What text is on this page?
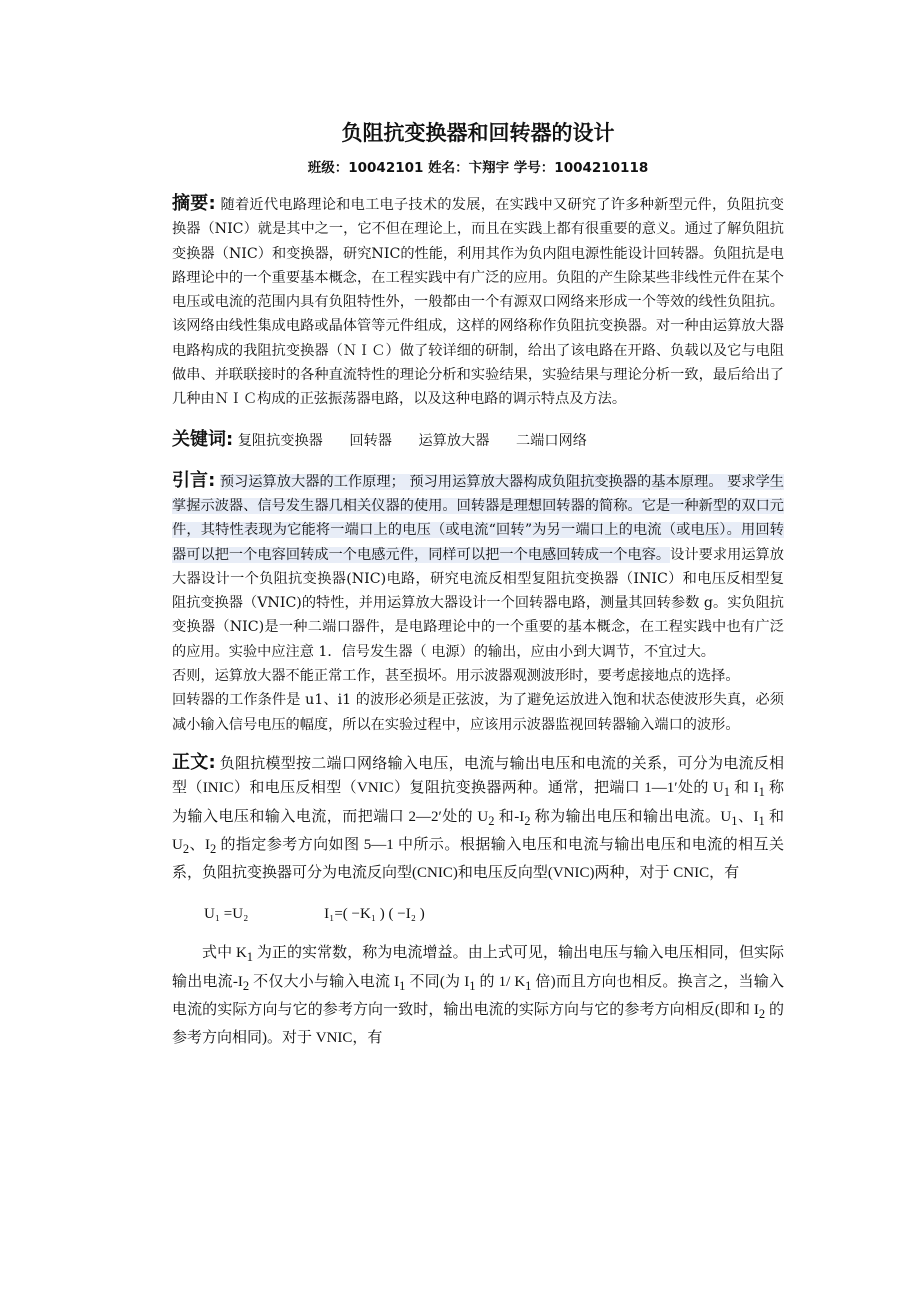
负阻抗变换器和回转器的设计
班级：10042101 姓名：卞翔宇 学号：1004210118

摘要: 随着近代电路理论和电工电子技术的发展，在实践中又研究了许多种新型元件，负阻抗变换器（NIC）就是其中之一，它不但在理论上，而且在实践上都有很重要的意义。通过了解负阻抗变换器（NIC）和变换器，研究NIC的性能，利用其作为负内阻电源性能设计回转器。负阻抗是电路理论中的一个重要基本概念，在工程实践中有广泛的应用。负阻的产生除某些非线性元件在某个电压或电流的范围内具有负阻特性外，一般都由一个有源双口网络来形成一个等效的线性负阻抗。该网络由线性集成电路或晶体管等元件组成，这样的网络称作负阻抗变换器。对一种由运算放大器电路构成的我阻抗变换器（ＮＩＣ）做了较详细的研制，给出了该电路在开路、负载以及它与电阻做串、并联联接时的各种直流特性的理论分析和实验结果，实验结果与理论分析一致，最后给出了几种由ＮＩＣ构成的正弦振荡器电路，以及这种电路的调示特点及方法。

关键词: 复阻抗变换器 回转器 运算放大器 二端口网络

引言: 预习运算放大器的工作原理； 预习用运算放大器构成负阻抗变换器的基本原理。 要求学生掌握示波器、信号发生器几相关仪器的使用。回转器是理想回转器的简称。它是一种新型的双口元件，其特性表现为它能将一端口上的电压（或电流“回转”为另一端口上的电流（或电压）。用回转器可以把一个电容回转成一个电感元件，同样可以把一个电感回转成一个电容。设计要求用运算放大器设计一个负阻抗变换器(NIC)电路，研究电流反相型复阻抗变换器（INIC）和电压反相型复阻抗变换器（VNIC)的特性，并用运算放大器设计一个回转器电路，测量其回转参数 g。实负阻抗变换器（NIC)是一种二端口器件，是电路理论中的一个重要的基本概念，在工程实践中也有广泛的应用。实验中应注意 1．信号发生器（ 电源）的输出，应由小到大调节，不宜过大。

否则，运算放大器不能正常工作，甚至损坏。用示波器观测波形时，要考虑接地点的选择。

回转器的工作条件是 u1、i1 的波形必须是正弦波，为了避免运放进入饱和状态使波形失真，必须减小输入信号电压的幅度，所以在实验过程中，应该用示波器监视回转器输入端口的波形。

正文: 负阻抗模型按二端口网络输入电压，电流与输出电压和电流的关系，可分为电流反相型（INIC）和电压反相型（VNIC）复阻抗变换器两种。通常，把端口 1—1′处的 $U_1$ 和 $I_1$ 称为输入电压和输入电流，而把端口 2—2′处的 $U_2$ 和$-I_2$ 称为输出电压和输出电流。$U_1$、$I_1$ 和 $U_2$、$I_2$ 的指定参考方向如图 5—1 中所示。根据输入电压和电流与输出电压和电流的相互关系，负阻抗变换器可分为电流反向型(CNIC)和电压反向型(VNIC)两种，对于 CNIC，有

U₁ =U₂	I₁=( −K₁ ) ( −I₂ )

式中 $K_1$ 为正的实常数，称为电流增益。由上式可见，输出电压与输入电压相同，但实际输出电流$-I_2$ 不仅大小与输入电流 $I_1$ 不同(为 $I_1$ 的 1/ $K_1$ 倍)而且方向也相反。换言之，当输入电流的实际方向与它的参考方向一致时，输出电流的实际方向与它的参考方向相反(即和 $I_2$ 的参考方向相同)。对于 VNIC，有
